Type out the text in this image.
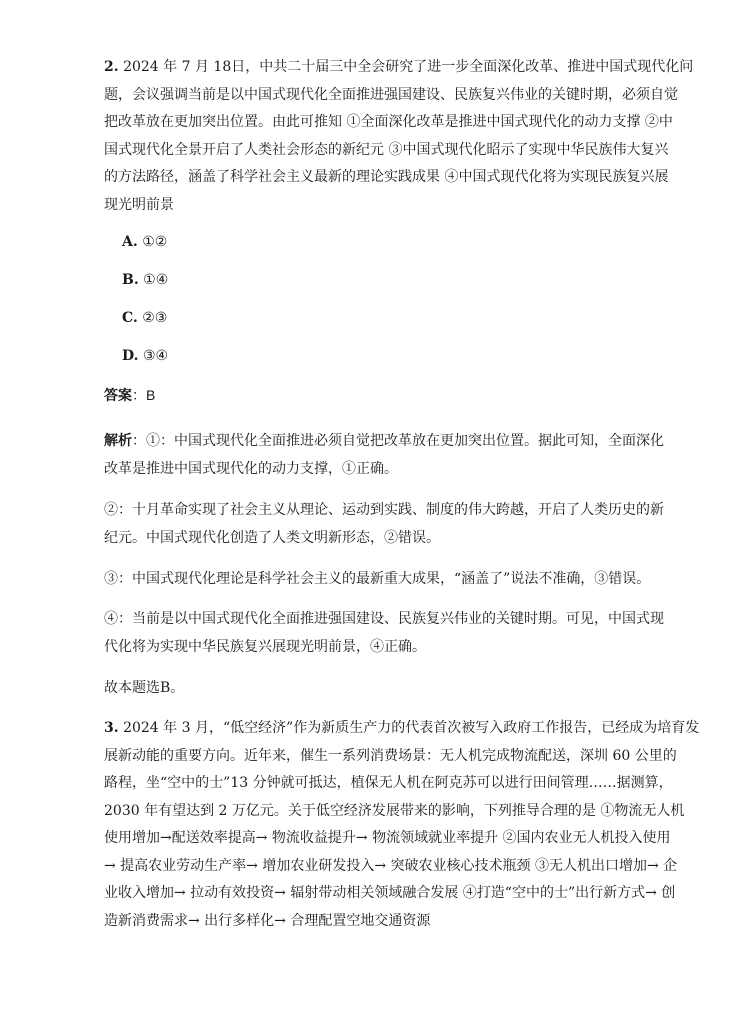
2. 2024 年 7 月 18日，中共二十届三中全会研究了进一步全面深化改革、推进中国式现代化问
题，会议强调当前是以中国式现代化全面推进强国建设、民族复兴伟业的关键时期，必须自觉
把改革放在更加突出位置。由此可推知 ①全面深化改革是推进中国式现代化的动力支撑 ②中
国式现代化全景开启了人类社会形态的新纪元 ③中国式现代化昭示了实现中华民族伟大复兴
的方法路径，涵盖了科学社会主义最新的理论实践成果 ④中国式现代化将为实现民族复兴展
现光明前景

A. ①②
B. ①④
C. ②③
D. ③④

答案：B

解析：①：中国式现代化全面推进必须自觉把改革放在更加突出位置。据此可知，全面深化
改革是推进中国式现代化的动力支撑，①正确。

②：十月革命实现了社会主义从理论、运动到实践、制度的伟大跨越，开启了人类历史的新
纪元。中国式现代化创造了人类文明新形态，②错误。

③：中国式现代化理论是科学社会主义的最新重大成果，“涵盖了”说法不准确，③错误。

④：当前是以中国式现代化全面推进强国建设、民族复兴伟业的关键时期。可见，中国式现
代化将为实现中华民族复兴展现光明前景，④正确。

故本题选B。

3. 2024 年 3 月，“低空经济”作为新质生产力的代表首次被写入政府工作报告，已经成为培育发
展新动能的重要方向。近年来，催生一系列消费场景：无人机完成物流配送，深圳 60 公里的
路程，坐“空中的士”13 分钟就可抵达，植保无人机在阿克苏可以进行田间管理……据测算，
2030 年有望达到 2 万亿元。关于低空经济发展带来的影响，下列推导合理的是 ①物流无人机
使用增加→配送效率提高→ 物流收益提升→ 物流领域就业率提升 ②国内农业无人机投入使用
→ 提高农业劳动生产率→ 增加农业研发投入→ 突破农业核心技术瓶颈 ③无人机出口增加→ 企
业收入增加→ 拉动有效投资→ 辐射带动相关领域融合发展 ④打造“空中的士”出行新方式→ 创
造新消费需求→ 出行多样化→ 合理配置空地交通资源
